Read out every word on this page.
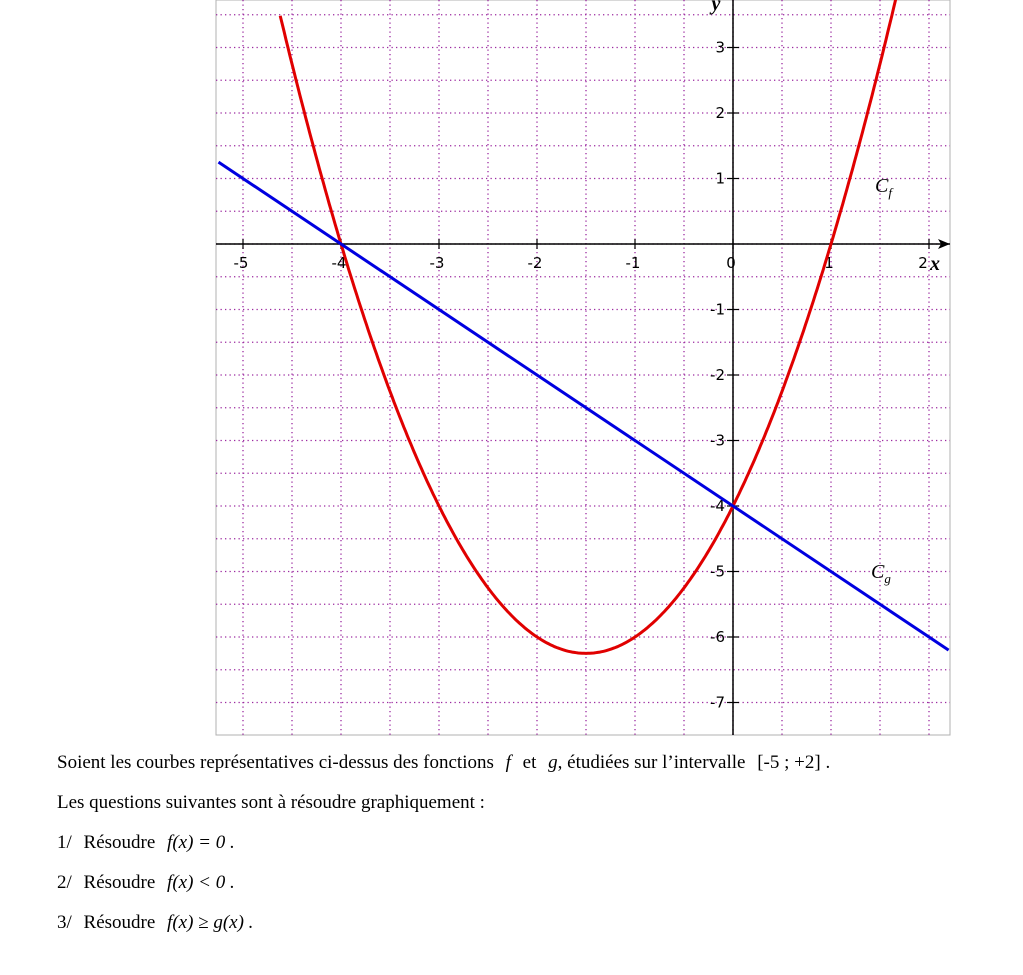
-5	-4	-3	-2	-1	0	1	2 x
-7
-6
-5
-4
-3
-2
-1
1
2
3
y
$C_f$
$C_g$
Soient les courbes représentatives ci-dessus des fonctions f et g, étudiées sur l’intervalle [-5 ; +2] .
Les questions suivantes sont à résoudre graphiquement :
1/ Résoudre f(x) = 0 .
2/ Résoudre f(x) < 0 .
3/ Résoudre f(x) ≥ g(x) .
